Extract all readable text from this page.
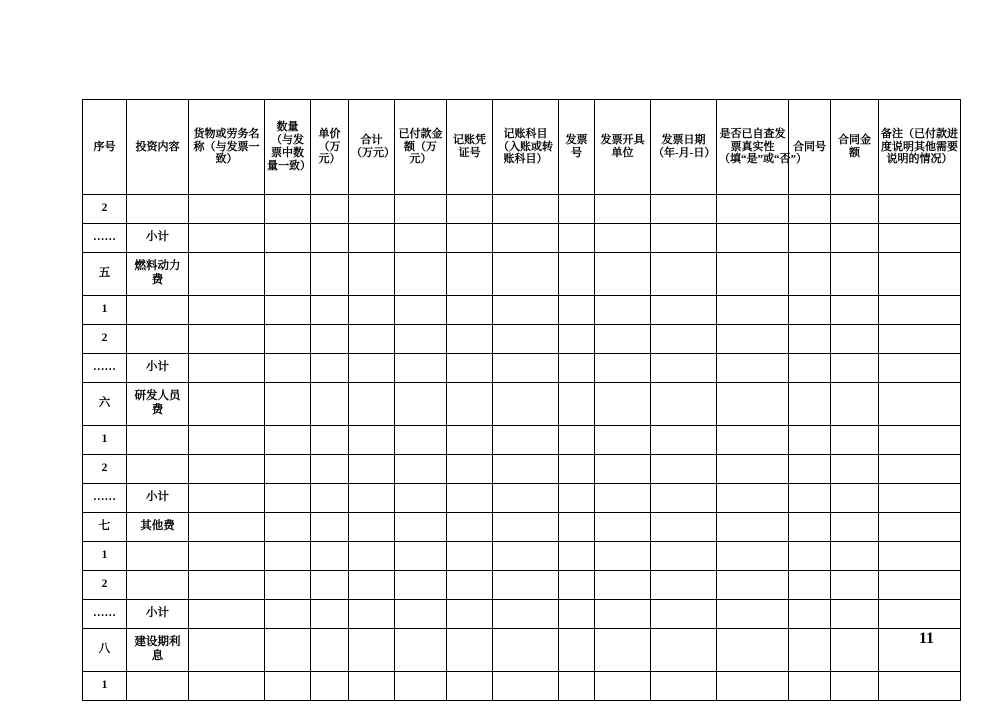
序号	投资内容	货物或劳务名称（与发票一致）	数量（与发票中数量一致）	单价（万元）	合计（万元）	已付款金额（万元）	记账凭证号	记账科目（入账或转账科目）	发票号	发票开具单位	发票日期（年-月-日）	是否已自查发票真实性（填“是”或“否”）	合同号	合同金额	备注（已付款进度说明其他需要说明的情况）
2															
……	小计														
五	燃料动力费														
1															
2															
……	小计														
六	研发人员费														
1															
2															
……	小计														
七	其他费														
1															
2															
……	小计														
八	建设期利息														
1															
11
